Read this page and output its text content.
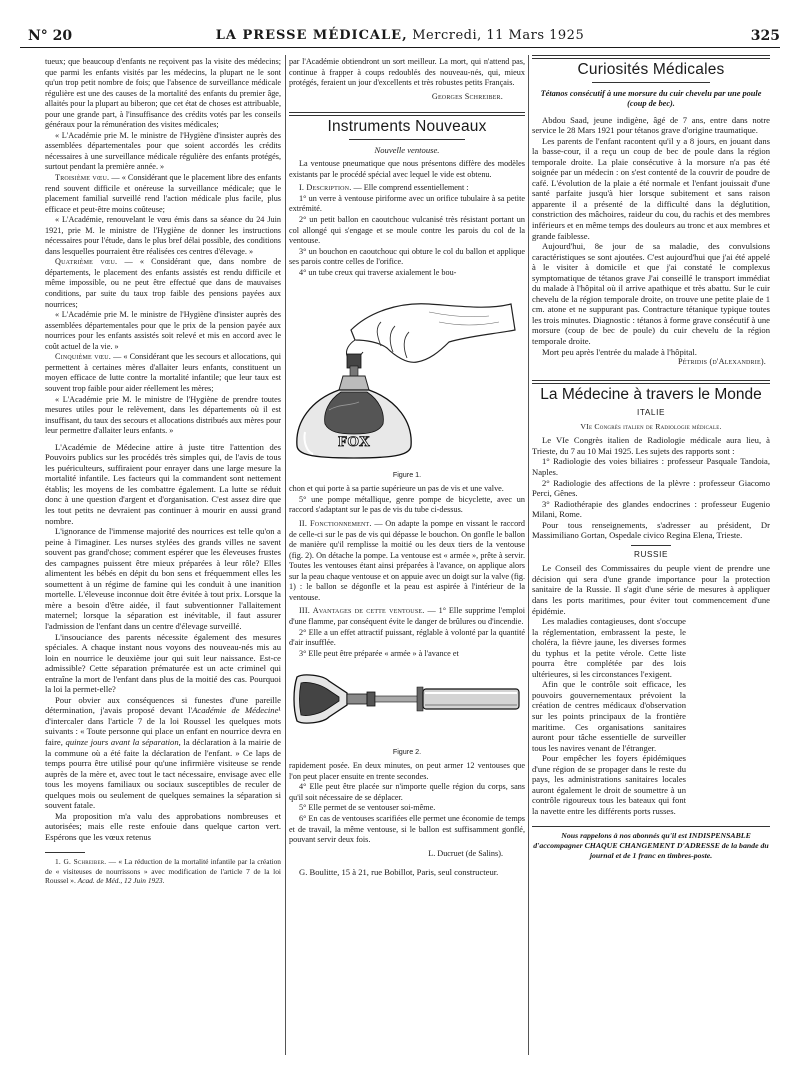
N° 20	LA PRESSE MÉDICALE, Mercredi, 11 Mars 1925	325

tueux; que beaucoup d'enfants ne reçoivent pas la visite des médecins; que parmi les enfants visités par les médecins, la plupart ne le sont qu'un trop petit nombre de fois; que l'absence de surveillance médicale régulière est une des causes de la mortalité des enfants du premier âge, allaités pour la plupart au biberon; que cet état de choses est attribuable, pour une grande part, à l'insuffisance des crédits votés par les conseils généraux pour la rémunération des visites médicales;

« L'Académie prie M. le ministre de l'Hygiène d'insister auprès des assemblées départementales pour que soient accordés les crédits nécessaires à une surveillance médicale régulière des enfants protégés, surtout pendant la première année. »

Troisième vœu. — « Considérant que le placement libre des enfants rend souvent difficile et onéreuse la surveillance médicale; que le placement familial surveillé rend l'action médicale plus facile, plus efficace et peut-être moins coûteuse;

« L'Académie, renouvelant le vœu émis dans sa séance du 24 Juin 1921, prie M. le ministre de l'Hygiène de donner les instructions nécessaires pour l'étude, dans le plus bref délai possible, des conditions dans lesquelles pourraient être réalisées ces centres d'élevage. »

Quatrième vœu. — « Considérant que, dans nombre de départements, le placement des enfants assistés est rendu difficile et même impossible, ou ne peut être effectué que dans de mauvaises conditions, par suite du taux trop faible des pensions payées aux nourrices;

« L'Académie prie M. le ministre de l'Hygiène d'insister auprès des assemblées départementales pour que le prix de la pension payée aux nourrices pour les enfants assistés soit relevé et mis en accord avec le coût actuel de la vie. »

Cinquième vœu. — « Considérant que les secours et allocations, qui permettent à certaines mères d'allaiter leurs enfants, constituent un moyen efficace de lutte contre la mortalité infantile; que leur taux est souvent trop faible pour aider réellement les mères;

« L'Académie prie M. le ministre de l'Hygiène de prendre toutes mesures utiles pour le relèvement, dans les départements où il est insuffisant, du taux des secours et allocations distribués aux mères pour leur permettre d'allaiter leurs enfants. »

L'Académie de Médecine attire à juste titre l'attention des Pouvoirs publics sur les procédés très simples qui, de l'avis de tous les puériculteurs, suffiraient pour enrayer dans une large mesure la mortalité infantile. Les facteurs qui la commandent sont nettement établis; les moyens de les combattre également. La lutte se réduit donc à une question d'argent et d'organisation. C'est assez dire que les tout petits ne devraient pas continuer à mourir en aussi grand nombre.

L'ignorance de l'immense majorité des nourrices est telle qu'on a peine à l'imaginer. Les nurses stylées des grands villes ne savent souvent pas grand'chose; comment espérer que les éleveuses frustes des campagnes puissent être mieux préparées à leur rôle? Elles alimentent les bébés en dépit du bon sens et fréquemment elles les soumettent à un régime de famine qui les conduit à une inanition mortelle. L'éleveuse inconnue doit être évitée à tout prix. Lorsque la mère a besoin d'être aidée, il faut subventionner l'allaitement maternel; lorsque la séparation est inévitable, il faut assurer l'admission de l'enfant dans un centre d'élevage surveillé.

L'insouciance des parents nécessite également des mesures spéciales. A chaque instant nous voyons des nouveau-nés mis au loin en nourrice le deuxième jour qui suit leur naissance. Est-ce admissible? Cette séparation prématurée est un acte criminel qui entraîne la mort de l'enfant dans plus de la moitié des cas. Pourquoi la loi la permet-elle?

Pour obvier aux conséquences si funestes d'une pareille détermination, j'avais proposé devant l'Académie de Médecine¹ d'intercaler dans l'article 7 de la loi Roussel les quelques mots suivants : « Toute personne qui place un enfant en nourrice devra en faire, quinze jours avant la séparation, la déclaration à la mairie de la commune où a été faite la déclaration de l'enfant. » Ce laps de temps pourra être utilisé pour qu'une infirmière visiteuse se rende auprès de la mère et, avec tout le tact nécessaire, envisage avec elle tous les moyens familiaux ou sociaux susceptibles de reculer de quelques mois ou seulement de quelques semaines la séparation si souvent fatale.

Ma proposition m'a valu des approbations nombreuses et autorisées; mais elle reste enfouie dans quelque carton vert. Espérons que les vœux retenus

1. G. Schreiber. — « La réduction de la mortalité infantile par la création de « visiteuses de nourrissons » avec modification de l'article 7 de la loi Roussel ». Acad. de Méd., 12 Juin 1923.

par l'Académie obtiendront un sort meilleur. La mort, qui n'attend pas, continue à frapper à coups redoublés des nouveau-nés, qui, mieux protégés, feraient un jour d'excellents et très robustes petits Français.

Georges Schreiber.

Instruments Nouveaux
Nouvelle ventouse.

La ventouse pneumatique que nous présentons diffère des modèles existants par le procédé spécial avec lequel le vide est obtenu.

I. Description. — Elle comprend essentiellement :

1° un verre à ventouse piriforme avec un orifice tubulaire à sa petite extrémité.

2° un petit ballon en caoutchouc vulcanisé très résistant portant un col allongé qui s'engage et se moule contre les parois du col de la ventouse.

3° un bouchon en caoutchouc qui obture le col du ballon et applique ses parois contre celles de l'orifice.

4° un tube creux qui traverse axialement le bou-

FOX
Figure 1.

chon et qui porte à sa partie supérieure un pas de vis et une valve.

5° une pompe métallique, genre pompe de bicyclette, avec un raccord s'adaptant sur le pas de vis du tube ci-dessus.

II. Fonctionnement. — On adapte la pompe en vissant le raccord de celle-ci sur le pas de vis qui dépasse le bouchon. On gonfle le ballon de manière qu'il remplisse la moitié ou les deux tiers de la ventouse (fig. 2). On détache la pompe. La ventouse est « armée », prête à servir. Toutes les ventouses étant ainsi préparées à l'avance, on applique alors sur la peau chaque ventouse et on appuie avec un doigt sur la valve (fig. 1) : le ballon se dégonfle et la peau est aspirée à l'intérieur de la ventouse.

III. Avantages de cette ventouse. — 1° Elle supprime l'emploi d'une flamme, par conséquent évite le danger de brûlures ou d'incendie.

2° Elle a un effet attractif puissant, réglable à volonté par la quantité d'air insufflée.

3° Elle peut être préparée « armée » à l'avance et

Figure 2.

rapidement posée. En deux minutes, on peut armer 12 ventouses que l'on peut placer ensuite en trente secondes.

4° Elle peut être placée sur n'importe quelle région du corps, sans qu'il soit nécessaire de se déplacer.

5° Elle permet de se ventouser soi-même.

6° En cas de ventouses scarifiées elle permet une économie de temps et de travail, la même ventouse, si le ballon est suffisamment gonflé, pouvant servir deux fois.

L. Ducruet (de Salins).

G. Boulitte, 15 à 21, rue Bobillot, Paris, seul constructeur.

Curiosités Médicales
Tétanos consécutif à une morsure du cuir chevelu par une poule (coup de bec).

Abdou Saad, jeune indigène, âgé de 7 ans, entre dans notre service le 28 Mars 1921 pour tétanos grave d'origine traumatique.

Les parents de l'enfant racontent qu'il y a 8 jours, en jouant dans la basse-cour, il a reçu un coup de bec de poule dans la région temporale droite. La plaie consécutive à la morsure n'a pas été soignée par un médecin : on s'est contenté de la couvrir de poudre de café. L'évolution de la plaie a été normale et l'enfant jouissait d'une santé parfaite jusqu'à hier lorsque subitement et sans raison apparente il a présenté de la difficulté dans la déglutition, constriction des mâchoires, raideur du cou, du rachis et des membres inférieurs et en même temps des douleurs au tronc et aux membres et grande faiblesse.

Aujourd'hui, 8e jour de sa maladie, des convulsions caractéristiques se sont ajoutées. C'est aujourd'hui que j'ai été appelé à le visiter à domicile et que j'ai constaté le complexus symptomatique de tétanos grave J'ai conseillé le transport immédiat du malade à l'hôpital où il arrive apathique et très abattu. Sur le cuir chevelu de la région temporale droite, on trouve une petite plaie de 1 cm. atone et ne suppurant pas. Contracture tétanique typique toutes les trois minutes. Diagnostic : tétanos à forme grave consécutif à une morsure (coup de bec de poule) du cuir chevelu de la région temporale droite.

Mort peu après l'entrée du malade à l'hôpital.

Pétridis (d'Alexandrie).

La Médecine à travers le Monde
ITALIE

VIe Congrès italien de Radiologie médicale.

Le VIe Congrès italien de Radiologie médicale aura lieu, à Trieste, du 7 au 10 Mai 1925. Les sujets des rapports sont :

1° Radiologie des voies biliaires : professeur Pasquale Tandoia, Naples.

2° Radiologie des affections de la plèvre : professeur Giacomo Perci, Gênes.

3° Radiothérapie des glandes endocrines : professeur Eugenio Milani, Rome.

Pour tous renseignements, s'adresser au président, Dr Massimiliano Gortan, Ospedale civico Regina Elena, Trieste.

RUSSIE

Le Conseil des Commissaires du peuple vient de prendre une décision qui sera d'une grande importance pour la protection sanitaire de la Russie. Il s'agit d'une série de mesures à appliquer dans les ports maritimes, pour éviter tout commencement d'une épidémie.

Les maladies contagieuses, dont s'occupe la réglementation, embrassent la peste, le choléra, la fièvre jaune, les diverses formes du typhus et la petite vérole. Cette liste pourra être complétée par des lois ultérieures, si les circonstances l'exigent.

Afin que le contrôle soit efficace, les pouvoirs gouvernementaux prévoient la création de centres médicaux d'observation sur les points principaux de la frontière maritime. Ces organisations sanitaires auront pour tâche essentielle de surveiller tous les navires venant de l'étranger.

Pour empêcher les foyers épidémiques d'une région de se propager dans le reste du pays, les administrations sanitaires locales auront également le droit de soumettre à un contrôle rigoureux tous les bateaux qui font la navette entre les différents ports russes.

Nous rappelons à nos abonnés qu'il est INDISPENSABLE d'accompagner CHAQUE CHANGEMENT D'ADRESSE de la bande du journal et de 1 franc en timbres-poste.
